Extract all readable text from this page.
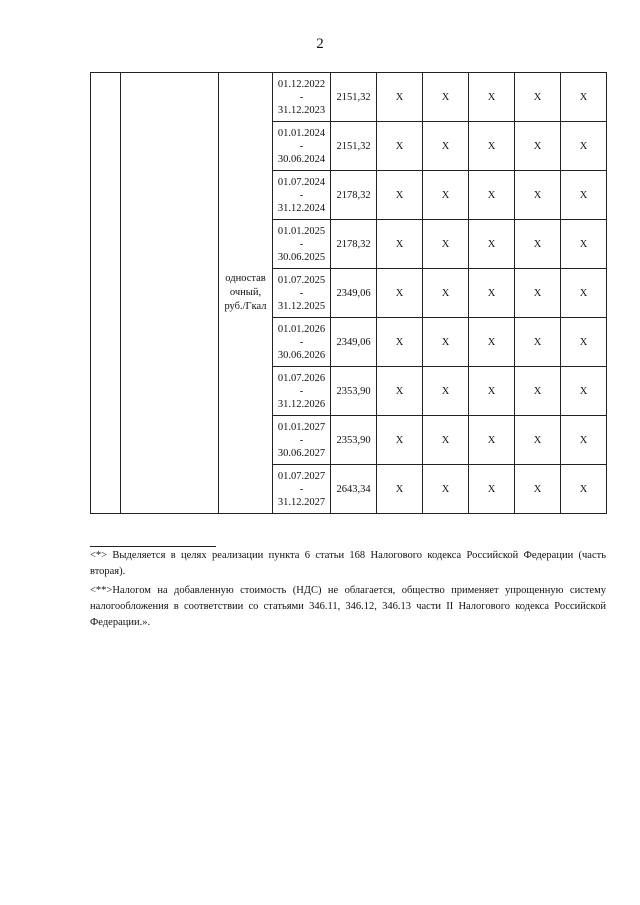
2
		одностав очный, руб./Гкал	01.12.2022
-
31.12.2023	2151,32	X	X	X	X	X

			01.01.2024
-
30.06.2024	2151,32	X	X	X	X	X

			01.07.2024
-
31.12.2024	2178,32	X	X	X	X	X

			01.01.2025
-
30.06.2025	2178,32	X	X	X	X	X

			01.07.2025
-
31.12.2025	2349,06	X	X	X	X	X

			01.01.2026
-
30.06.2026	2349,06	X	X	X	X	X

			01.07.2026
-
31.12.2026	2353,90	X	X	X	X	X

			01.01.2027
-
30.06.2027	2353,90	X	X	X	X	X

			01.07.2027
-
31.12.2027	2643,34	X	X	X	X	X

<*> Выделяется в целях реализации пункта 6 статьи 168 Налогового кодекса Российской Федерации (часть вторая).

<**>Налогом на добавленную стоимость (НДС) не облагается, общество применяет упрощенную систему налогообложения в соответствии со статьями 346.11, 346.12, 346.13 части II Налогового кодекса Российской Федерации.».
